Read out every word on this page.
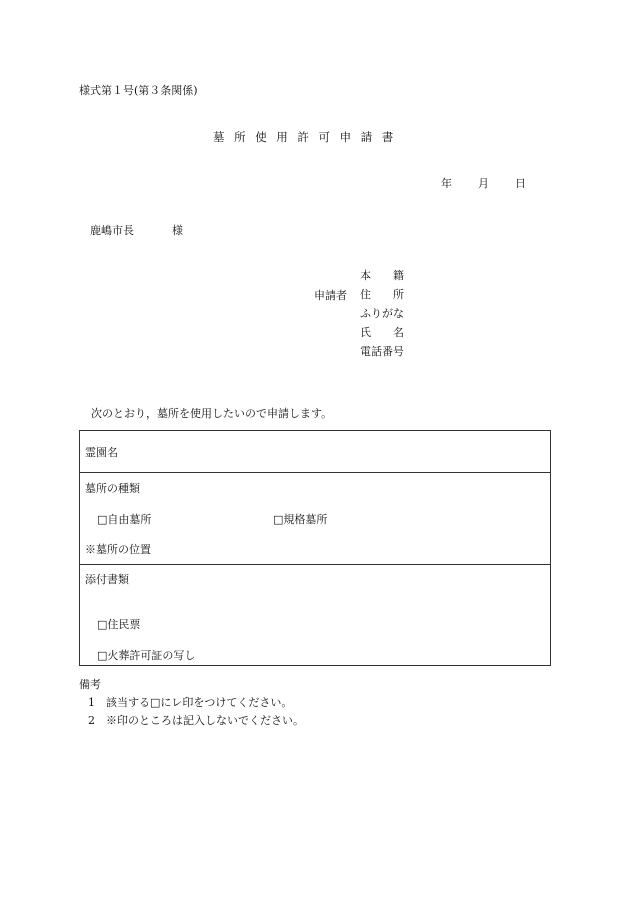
様式第１号(第３条関係)
墓所使用許可申請書
年 月 日
鹿嶋市長	様
申請者
本　　籍
住　　所
ふりがな
氏　　名
電話番号
次のとおり，墓所を使用したいので申請します。
霊園名
墓所の種類
□自由墓所	□規格墓所
※墓所の位置
添付書類
□住民票
□火葬許可証の写し
備考
1 該当する□にレ印をつけてください。
2 ※印のところは記入しないでください。
